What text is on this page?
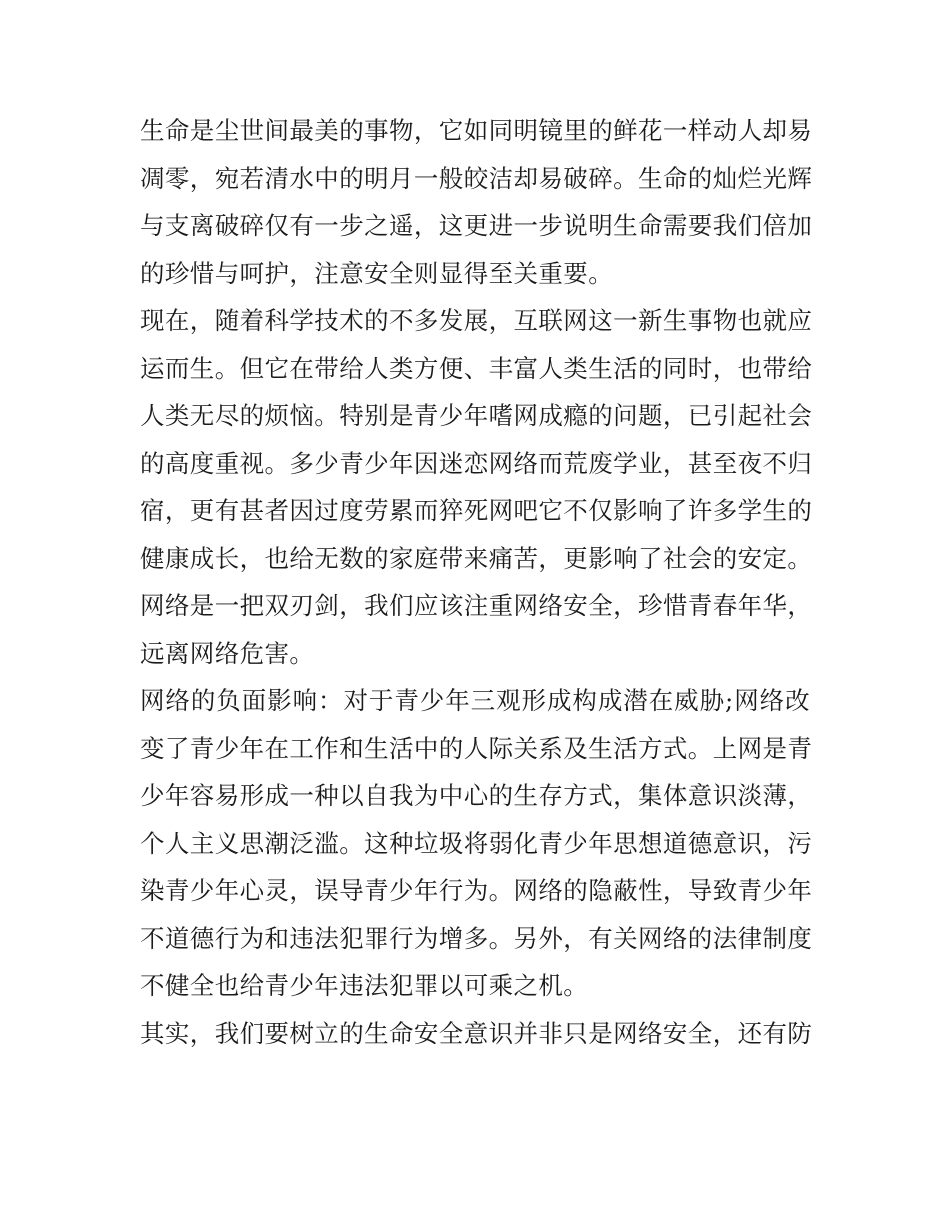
生命是尘世间最美的事物，它如同明镜里的鲜花一样动人却易
凋零，宛若清水中的明月一般皎洁却易破碎。生命的灿烂光辉
与支离破碎仅有一步之遥，这更进一步说明生命需要我们倍加
的珍惜与呵护，注意安全则显得至关重要。
现在，随着科学技术的不多发展，互联网这一新生事物也就应
运而生。但它在带给人类方便、丰富人类生活的同时，也带给
人类无尽的烦恼。特别是青少年嗜网成瘾的问题，已引起社会
的高度重视。多少青少年因迷恋网络而荒废学业，甚至夜不归
宿，更有甚者因过度劳累而猝死网吧它不仅影响了许多学生的
健康成长，也给无数的家庭带来痛苦，更影响了社会的安定。
网络是一把双刃剑，我们应该注重网络安全，珍惜青春年华，
远离网络危害。
网络的负面影响：对于青少年三观形成构成潜在威胁;网络改
变了青少年在工作和生活中的人际关系及生活方式。上网是青
少年容易形成一种以自我为中心的生存方式，集体意识淡薄，
个人主义思潮泛滥。这种垃圾将弱化青少年思想道德意识，污
染青少年心灵，误导青少年行为。网络的隐蔽性，导致青少年
不道德行为和违法犯罪行为增多。另外，有关网络的法律制度
不健全也给青少年违法犯罪以可乘之机。
其实，我们要树立的生命安全意识并非只是网络安全，还有防
